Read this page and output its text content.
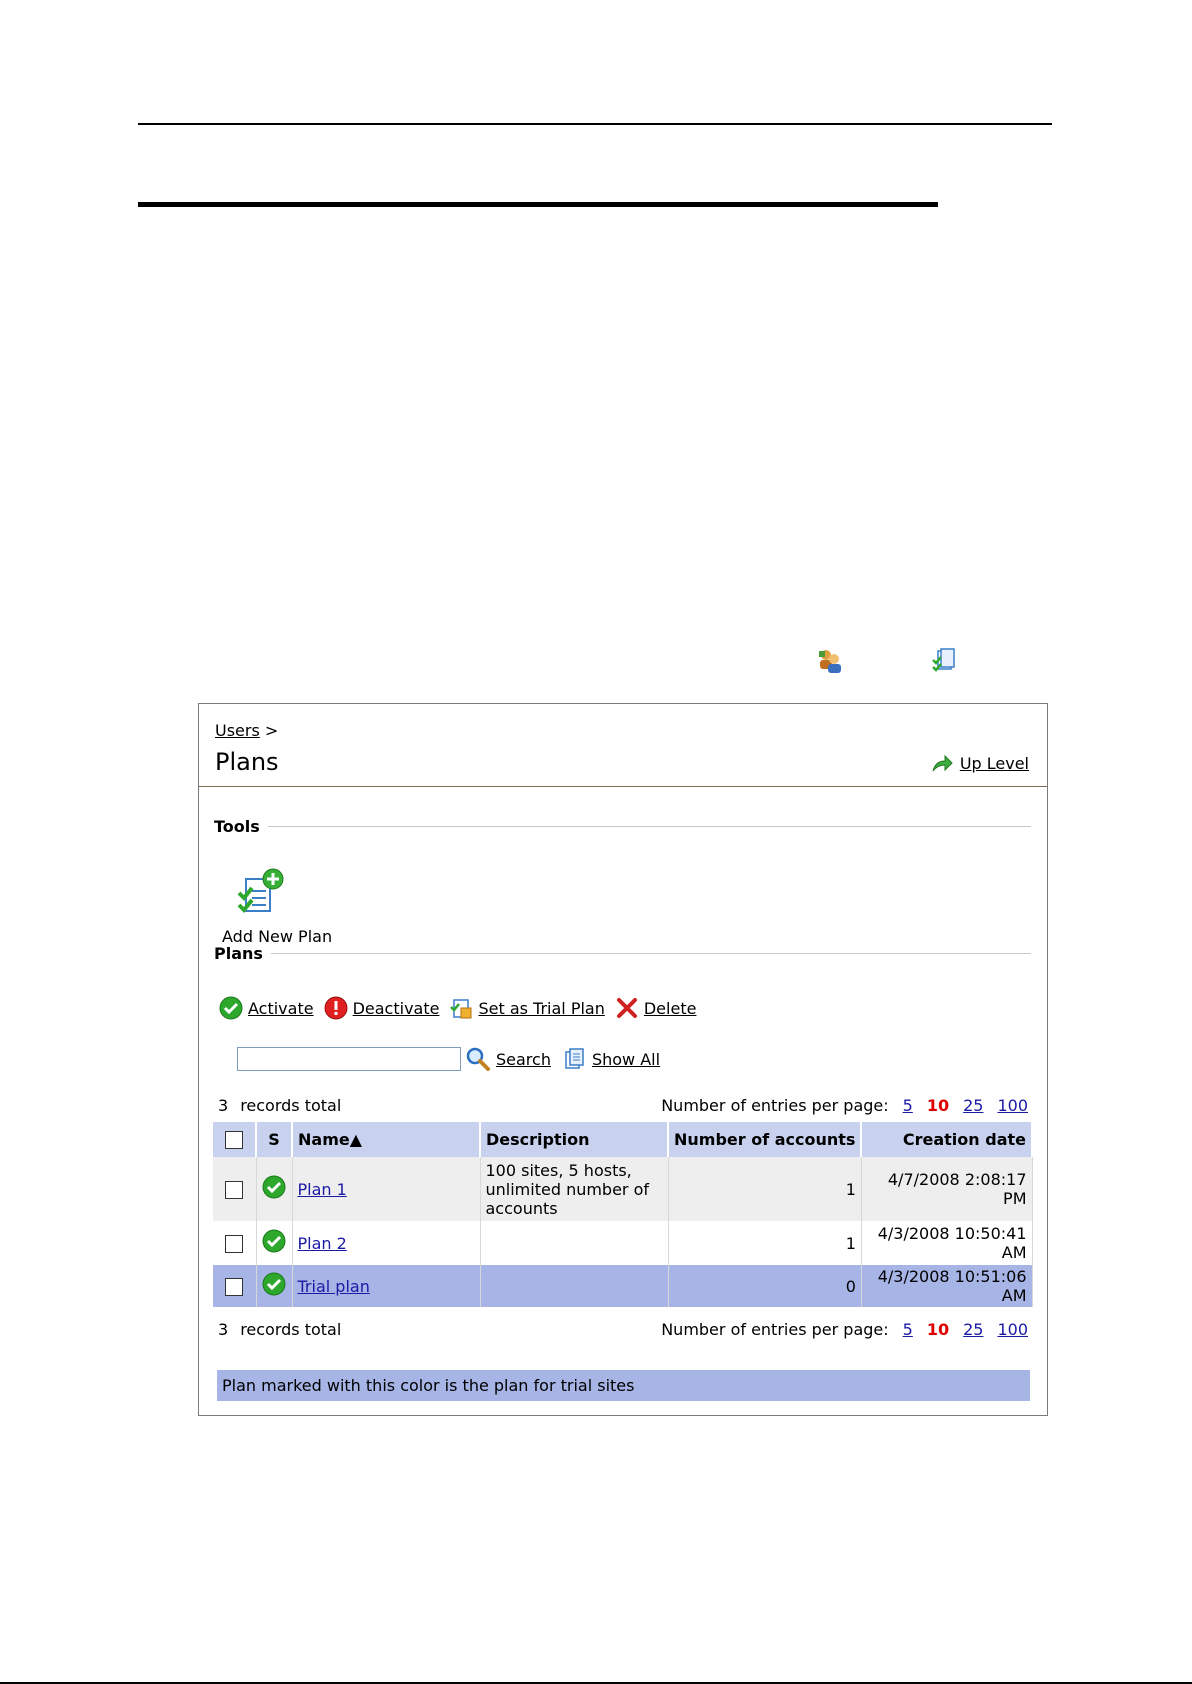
Users >
Plans	Up Level
Tools
Add New Plan
Plans
Activate Deactivate Set as Trial Plan Delete
Search	Show All
3 records total	Number of entries per page: 5 10 25 100
	S	Name▲	Description	Number of accounts	Creation date
		Plan 1	100 sites, 5 hosts, unlimited number of accounts	1	4/7/2008 2:08:17 PM
		Plan 2		1	4/3/2008 10:50:41 AM
		Trial plan		0	4/3/2008 10:51:06 AM
3 records total	Number of entries per page: 5 10 25 100
Plan marked with this color is the plan for trial sites
